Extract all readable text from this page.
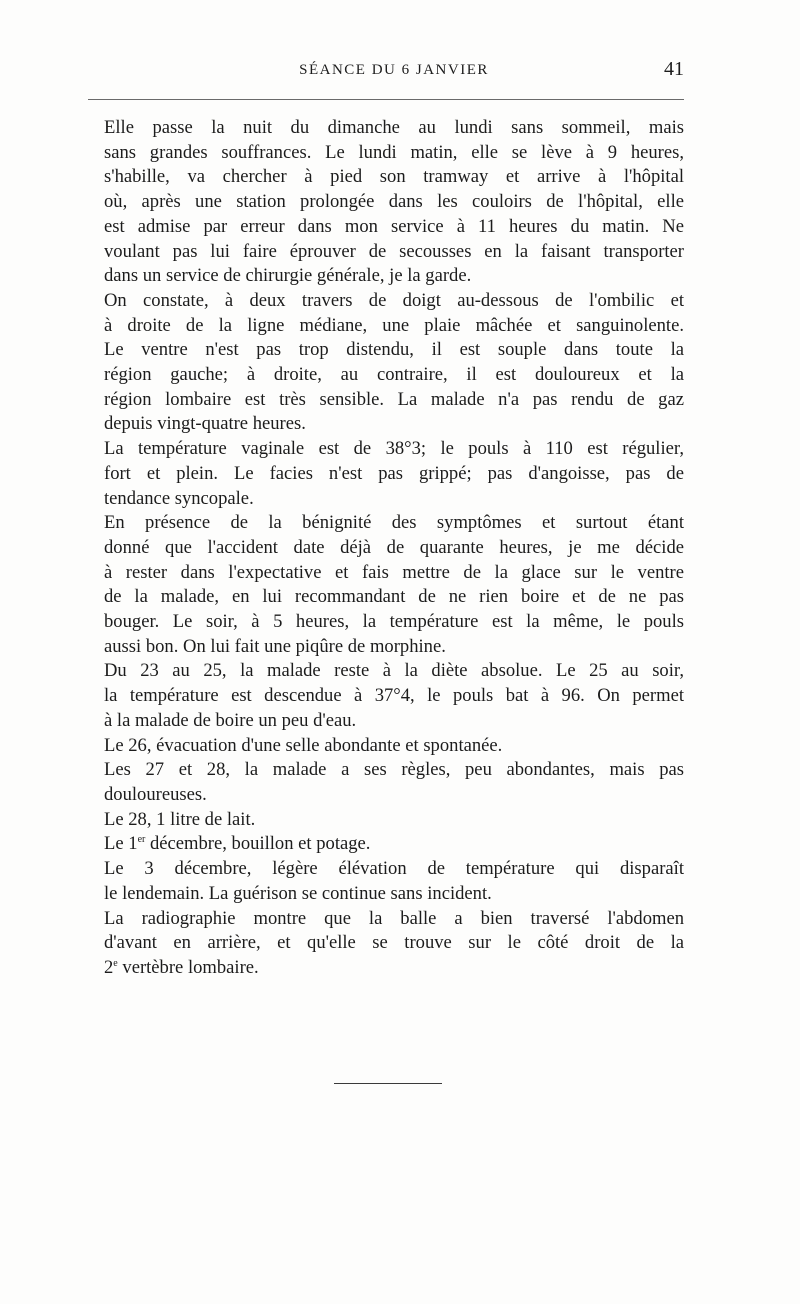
SÉANCE DU 6 JANVIER	41

Elle passe la nuit du dimanche au lundi sans sommeil, mais
sans grandes souffrances. Le lundi matin, elle se lève à 9 heures,
s'habille, va chercher à pied son tramway et arrive à l'hôpital
où, après une station prolongée dans les couloirs de l'hôpital, elle
est admise par erreur dans mon service à 11 heures du matin. Ne
voulant pas lui faire éprouver de secousses en la faisant transporter
dans un service de chirurgie générale, je la garde.

On constate, à deux travers de doigt au-dessous de l'ombilic et
à droite de la ligne médiane, une plaie mâchée et sanguinolente.
Le ventre n'est pas trop distendu, il est souple dans toute la
région gauche; à droite, au contraire, il est douloureux et la
région lombaire est très sensible. La malade n'a pas rendu de gaz
depuis vingt-quatre heures.

La température vaginale est de 38°3; le pouls à 110 est régulier,
fort et plein. Le facies n'est pas grippé; pas d'angoisse, pas de
tendance syncopale.

En présence de la bénignité des symptômes et surtout étant
donné que l'accident date déjà de quarante heures, je me décide
à rester dans l'expectative et fais mettre de la glace sur le ventre
de la malade, en lui recommandant de ne rien boire et de ne pas
bouger. Le soir, à 5 heures, la température est la même, le pouls
aussi bon. On lui fait une piqûre de morphine.

Du 23 au 25, la malade reste à la diète absolue. Le 25 au soir,
la température est descendue à 37°4, le pouls bat à 96. On permet
à la malade de boire un peu d'eau.

Le 26, évacuation d'une selle abondante et spontanée.

Les 27 et 28, la malade a ses règles, peu abondantes, mais pas
douloureuses.

Le 28, 1 litre de lait.

Le 1er décembre, bouillon et potage.

Le 3 décembre, légère élévation de température qui disparaît
le lendemain. La guérison se continue sans incident.

La radiographie montre que la balle a bien traversé l'abdomen
d'avant en arrière, et qu'elle se trouve sur le côté droit de la
2e vertèbre lombaire.
